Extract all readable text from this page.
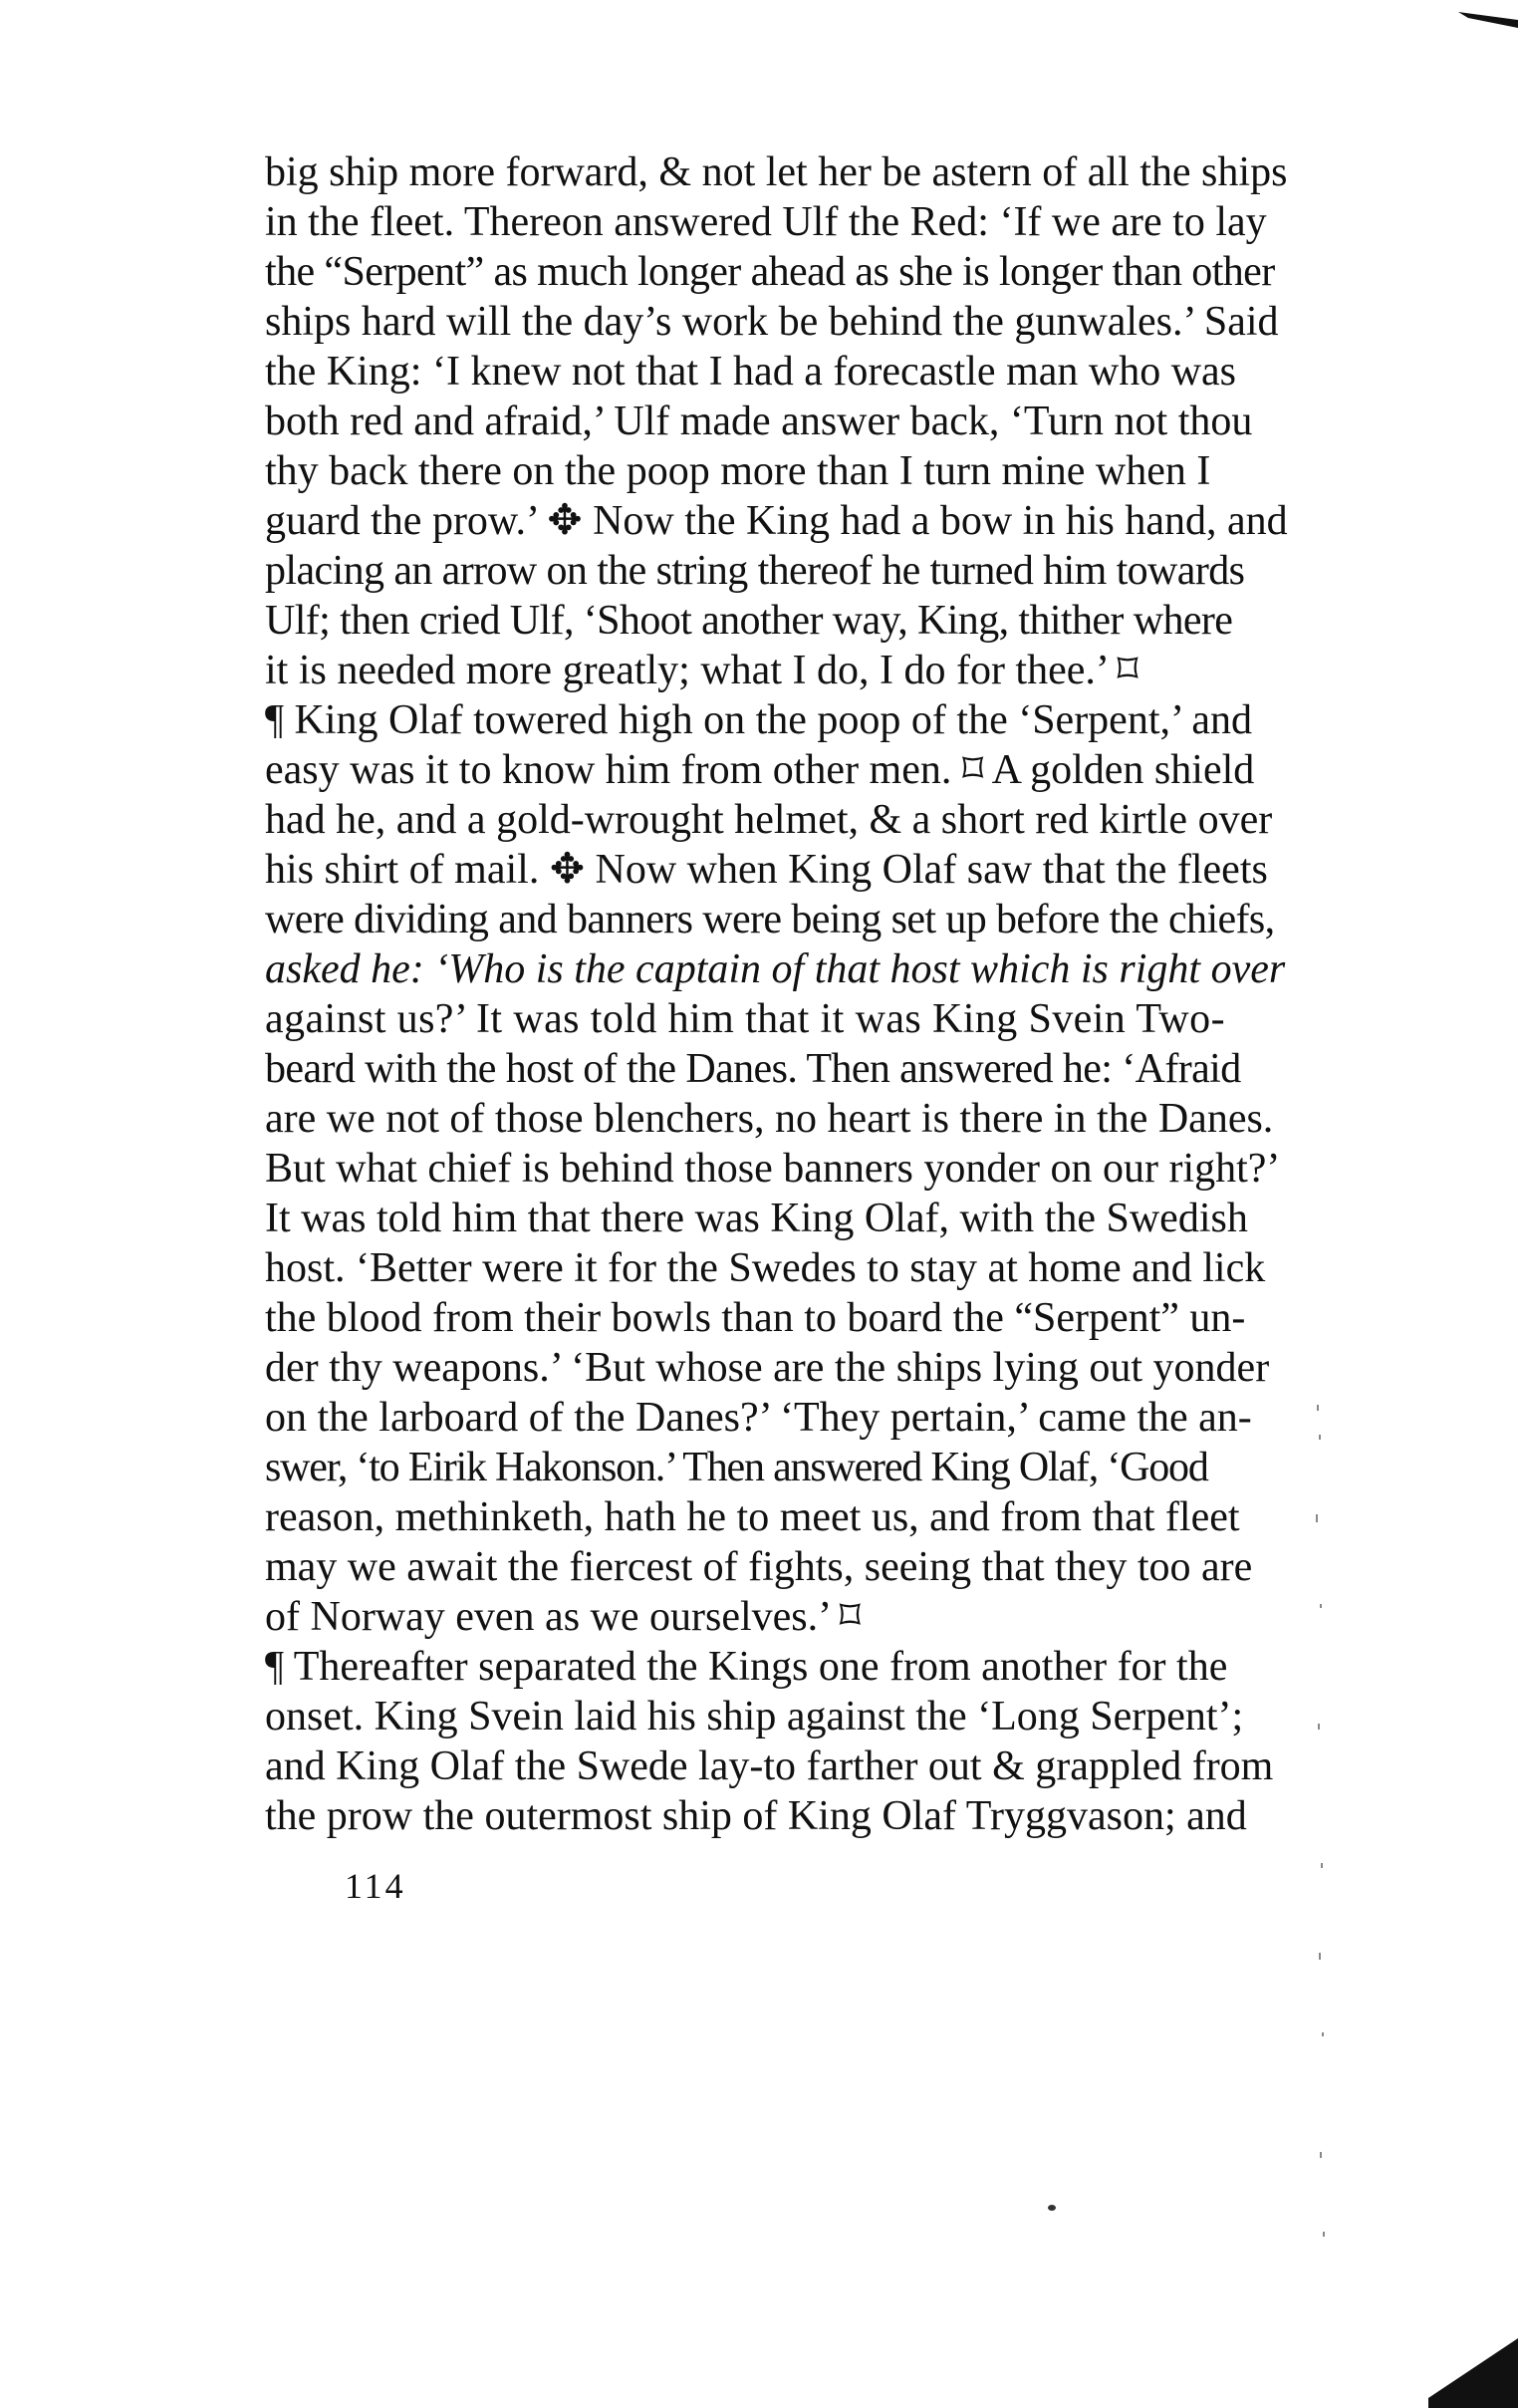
big ship more forward, & not let her be astern of all the ships
in the fleet. Thereon answered Ulf the Red: ‘If we are to lay
the “Serpent” as much longer ahead as she is longer than other
ships hard will the day’s work be behind the gunwales.’ Said
the King: ‘I knew not that I had a forecastle man who was
both red and afraid,’ Ulf made answer back, ‘Turn not thou
thy back there on the poop more than I turn mine when I
guard the prow.’ ✥ Now the King had a bow in his hand, and
placing an arrow on the string thereof he turned him towards
Ulf; then cried Ulf, ‘Shoot another way, King, thither where
it is needed more greatly; what I do, I do for thee.’ ⌑
¶ King Olaf towered high on the poop of the ‘Serpent,’ and
easy was it to know him from other men. ⌑ A golden shield
had he, and a gold-wrought helmet, & a short red kirtle over
his shirt of mail. ✥ Now when King Olaf saw that the fleets
were dividing and banners were being set up before the chiefs,
asked he: ‘Who is the captain of that host which is right over
against us?’ It was told him that it was King Svein Two-
beard with the host of the Danes. Then answered he: ‘Afraid
are we not of those blenchers, no heart is there in the Danes.
But what chief is behind those banners yonder on our right?’
It was told him that there was King Olaf, with the Swedish
host. ‘Better were it for the Swedes to stay at home and lick
the blood from their bowls than to board the “Serpent” un-
der thy weapons.’ ‘But whose are the ships lying out yonder
on the larboard of the Danes?’ ‘They pertain,’ came the an-
swer, ‘to Eirik Hakonson.’ Then answered King Olaf, ‘Good
reason, methinketh, hath he to meet us, and from that fleet
may we await the fiercest of fights, seeing that they too are
of Norway even as we ourselves.’ ⌑
¶ Thereafter separated the Kings one from another for the
onset. King Svein laid his ship against the ‘Long Serpent’;
and King Olaf the Swede lay-to farther out & grappled from
the prow the outermost ship of King Olaf Tryggvason; and
114
